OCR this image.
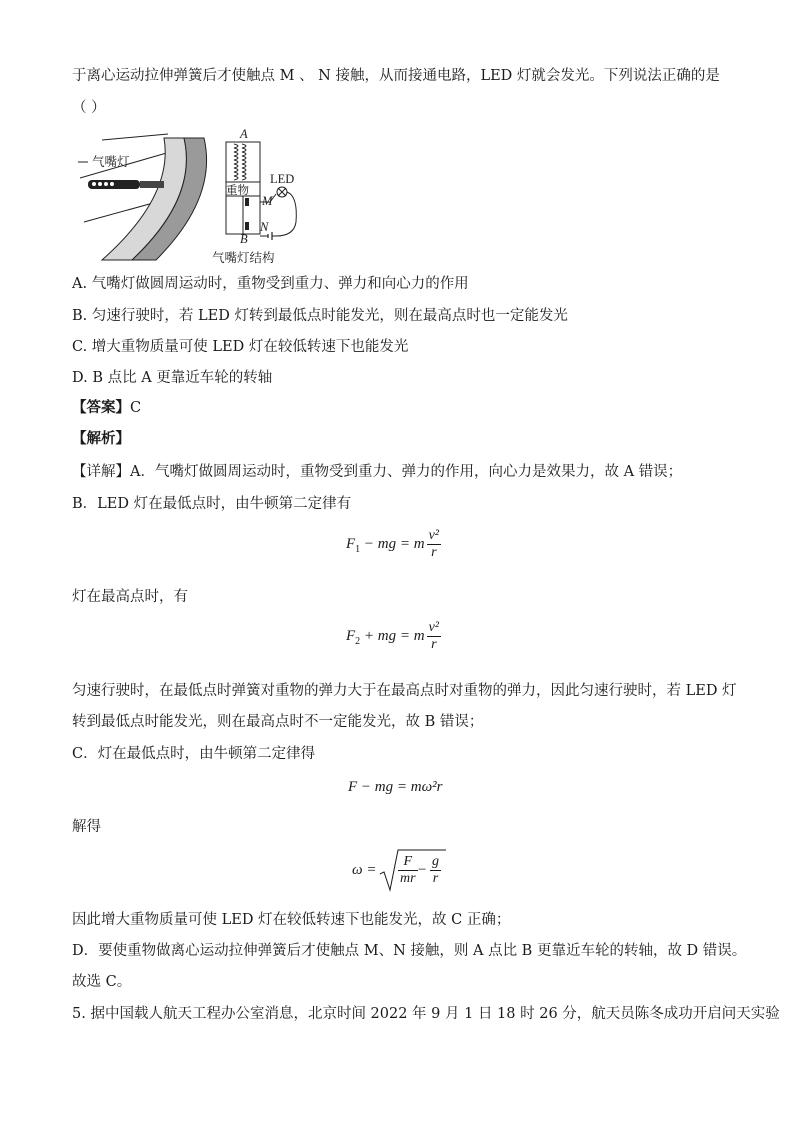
于离心运动拉伸弹簧后才使触点 M 、 N 接触，从而接通电路，LED 灯就会发光。下列说法正确的是
（ ）
气嘴灯
气嘴灯结构
重物
LED
A
B
M
N
A. 气嘴灯做圆周运动时，重物受到重力、弹力和向心力的作用
B. 匀速行驶时，若 LED 灯转到最低点时能发光，则在最高点时也一定能发光
C. 增大重物质量可使 LED 灯在较低转速下也能发光
D. B 点比 A 更靠近车轮的转轴
【答案】C
【解析】
【详解】A．气嘴灯做圆周运动时，重物受到重力、弹力的作用，向心力是效果力，故 A 错误；
B．LED 灯在最低点时，由牛顿第二定律有
$F_1$ − mg = m $\frac{\text{v²}}{r}$
灯在最高点时，有
$F_2$ + mg = m $\frac{\text{v²}}{r}$
匀速行驶时，在最低点时弹簧对重物的弹力大于在最高点时对重物的弹力，因此匀速行驶时，若 LED 灯
转到最低点时能发光，则在最高点时不一定能发光，故 B 错误；
C．灯在最低点时，由牛顿第二定律得
F − mg = mω²r
解得
ω =
F
mr
−
g
r
因此增大重物质量可使 LED 灯在较低转速下也能发光，故 C 正确；
D．要使重物做离心运动拉伸弹簧后才使触点 M、N 接触，则 A 点比 B 更靠近车轮的转轴，故 D 错误。
故选 C。
5. 据中国载人航天工程办公室消息，北京时间 2022 年 9 月 1 日 18 时 26 分，航天员陈冬成功开启问天实验
